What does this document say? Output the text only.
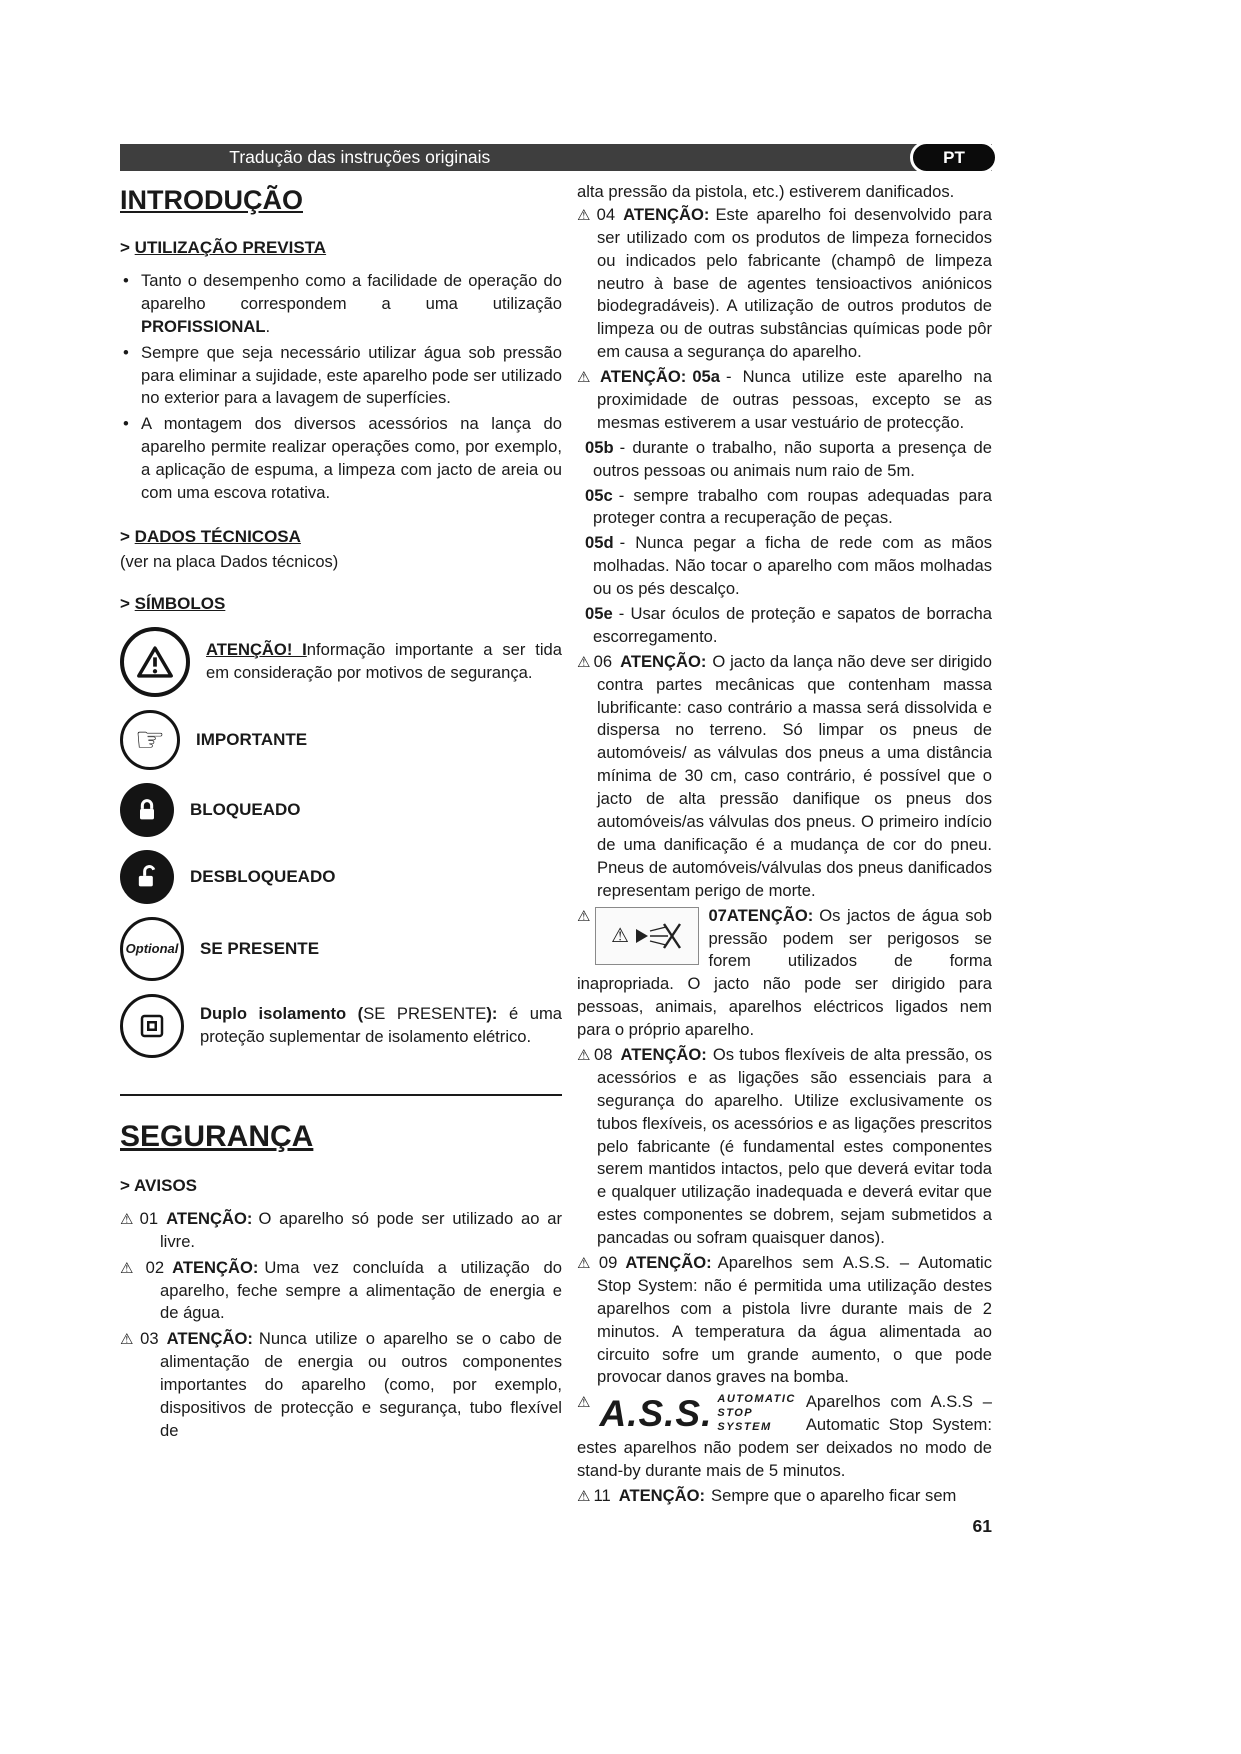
Tradução das instruções originais	PT
INTRODUÇÃO

> UTILIZAÇÃO PREVISTA

• Tanto o desempenho como a facilidade de operação do aparelho correspondem a uma utilização PROFISSIONAL.

• Sempre que seja necessário utilizar água sob pressão para eliminar a sujidade, este aparelho pode ser utilizado no exterior para a lavagem de superfícies.

• A montagem dos diversos acessórios na lança do aparelho permite realizar operações como, por exemplo, a aplicação de espuma, a limpeza com jacto de areia ou com uma escova rotativa.

> DADOS TÉCNICOSA

(ver na placa Dados técnicos)

> SÍMBOLOS

ATENÇÃO! Informação importante a ser tida em consideração por motivos de segurança.

☞ IMPORTANTE
BLOQUEADO
DESBLOQUEADO
Optional SE PRESENTE

Duplo isolamento (SE PRESENTE): é uma proteção suplementar de isolamento elétrico.

SEGURANÇA

> AVISOS

⚠ 01 ATENÇÃO: O aparelho só pode ser utilizado ao ar livre.

⚠ 02 ATENÇÃO: Uma vez concluída a utilização do aparelho, feche sempre a alimentação de energia e de água.

⚠ 03 ATENÇÃO: Nunca utilize o aparelho se o cabo de alimentação de energia ou outros componentes importantes do aparelho (como, por exemplo, dispositivos de protecção e segurança, tubo flexível de

alta pressão da pistola, etc.) estiverem danificados.

⚠ 04 ATENÇÃO: Este aparelho foi desenvolvido para ser utilizado com os produtos de limpeza fornecidos ou indicados pelo fabricante (champô de limpeza neutro à base de agentes tensioactivos aniónicos biodegradáveis). A utilização de outros produtos de limpeza ou de outras substâncias químicas pode pôr em causa a segurança do aparelho.

⚠ ATENÇÃO: 05a - Nunca utilize este aparelho na proximidade de outras pessoas, excepto se as mesmas estiverem a usar vestuário de protecção.

05b - durante o trabalho, não suporta a presença de outros pessoas ou animais num raio de 5m.

05c - sempre trabalho com roupas adequadas para proteger contra a recuperação de peças.

05d - Nunca pegar a ficha de rede com as mãos molhadas. Não tocar o aparelho com mãos molhadas ou os pés descalço.

05e - Usar óculos de proteção e sapatos de borracha escorregamento.

⚠ 06 ATENÇÃO: O jacto da lança não deve ser dirigido contra partes mecânicas que contenham massa lubrificante: caso contrário a massa será dissolvida e dispersa no terreno. Só limpar os pneus de automóveis/ as válvulas dos pneus a uma distância mínima de 30 cm, caso contrário, é possível que o jacto de alta pressão danifique os pneus dos automóveis/as válvulas dos pneus. O primeiro indício de uma danificação é a mudança de cor do pneu. Pneus de automóveis/válvulas dos pneus danificados representam perigo de morte.

⚠
⚠
07ATENÇÃO: Os jactos de água sob pressão podem ser perigosos se forem utilizados de forma inapropriada. O jacto não pode ser dirigido para pessoas, animais, aparelhos eléctricos ligados nem para o próprio aparelho.

⚠ 08 ATENÇÃO: Os tubos flexíveis de alta pressão, os acessórios e as ligações são essenciais para a segurança do aparelho. Utilize exclusivamente os tubos flexíveis, os acessórios e as ligações prescritos pelo fabricante (é fundamental estes componentes serem mantidos intactos, pelo que deverá evitar toda e qualquer utilização inadequada e deverá evitar que estes componentes se dobrem, sejam submetidos a pancadas ou sofram quaisquer danos).

⚠ 09 ATENÇÃO: Aparelhos sem A.S.S. – Automatic Stop System: não é permitida uma utilização destes aparelhos com a pistola livre durante mais de 2 minutos. A temperatura da água alimentada ao circuito sofre um grande aumento, o que pode provocar danos graves na bomba.

⚠ A.S.S. AUTOMATIC
STOP
SYSTEM
Aparelhos com A.S.S – Automatic Stop System: estes aparelhos não podem ser deixados no modo de stand-by durante mais de 5 minutos.

⚠ 11 ATENÇÃO: Sempre que o aparelho ficar sem

61
